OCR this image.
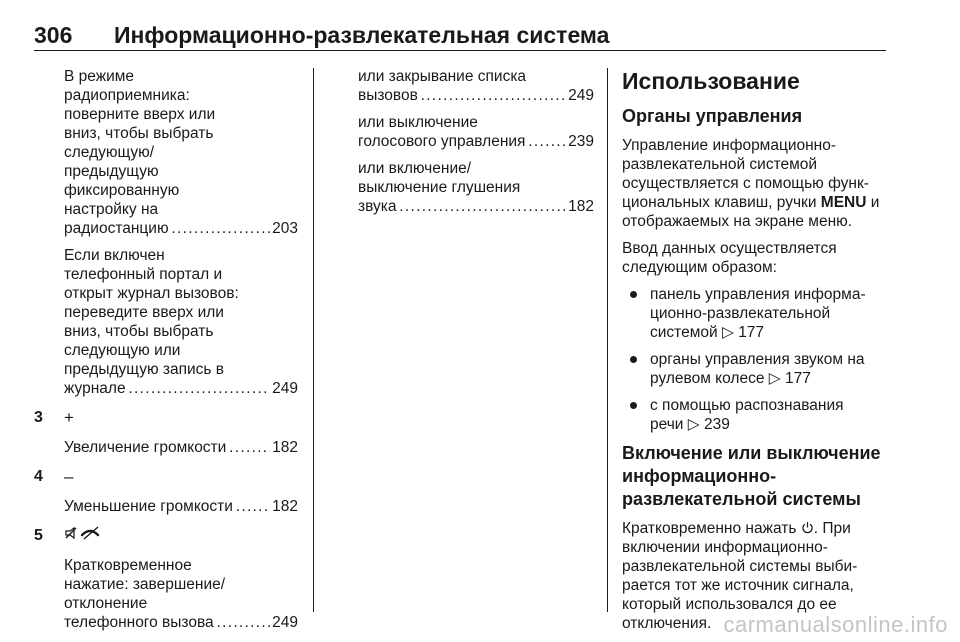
306 Информационно-развлекательная система
В режиме
радиоприемника:
поверните вверх или
вниз, чтобы выбрать
следующую/
предыдущую
фиксированную
настройку на
радиостанцию . . .	203
Если включен
телефонный портал и
открыт журнал вызовов:
переведите вверх или
вниз, чтобы выбрать
следующую или
предыдущую запись в
журнале . . .	249
3	+
Увеличение громкости . . .	182
4	–
Уменьшение громкости . . .	182
5
Кратковременное
нажатие: завершение/
отклонение
телефонного вызова . . .	249
или закрывание списка
вызовов . . .	249
или выключение
голосового управления . . .	239
или включение/
выключение глушения
звука . . .	182
Использование
Органы управления
Управление информационно-
развлекательной системой
осуществляется с помощью функ-
циональных клавиш, ручки MENU и
отображаемых на экране меню.
Ввод данных осуществляется
следующим образом:
панель управления информа-
ционно-развлекательной
системой ▷ 177
органы управления звуком на
рулевом колесе ▷ 177
с помощью распознавания
речи ▷ 239
Включение или выключение
информационно-
развлекательной системы
Кратковременно нажать . При
включении информационно-
развлекательной системы выби-
рается тот же источник сигнала,
который использовался до ее
отключения. carmanualsonline.info
